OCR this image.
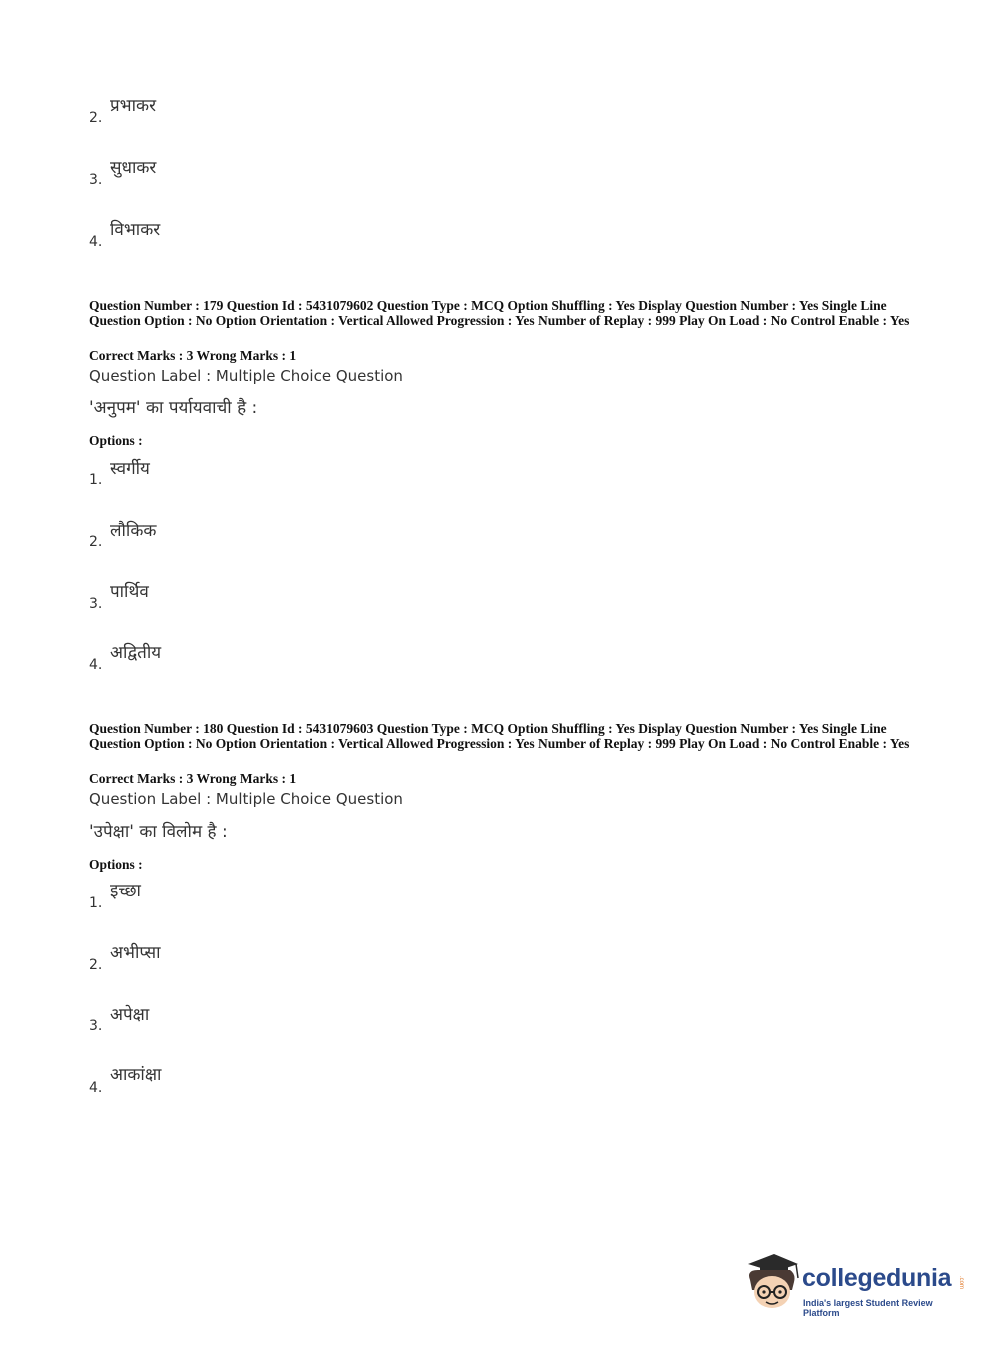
2.
प्रभाकर
3.
सुधाकर
4.
विभाकर
Question Number : 179 Question Id : 5431079602 Question Type : MCQ Option Shuffling : Yes Display Question Number : Yes Single Line Question Option : No Option Orientation : Vertical Allowed Progression : Yes Number of Replay : 999 Play On Load : No Control Enable : Yes
Correct Marks : 3 Wrong Marks : 1
Question Label : Multiple Choice Question
'अनुपम' का पर्यायवाची है :
Options :
1.
स्वर्गीय
2.
लौकिक
3.
पार्थिव
4.
अद्वितीय
Question Number : 180 Question Id : 5431079603 Question Type : MCQ Option Shuffling : Yes Display Question Number : Yes Single Line Question Option : No Option Orientation : Vertical Allowed Progression : Yes Number of Replay : 999 Play On Load : No Control Enable : Yes
Correct Marks : 3 Wrong Marks : 1
Question Label : Multiple Choice Question
'उपेक्षा' का विलोम है :
Options :
1.
इच्छा
2.
अभीप्सा
3.
अपेक्षा
4.
आकांक्षा
collegedunia .com
India's largest Student Review Platform
